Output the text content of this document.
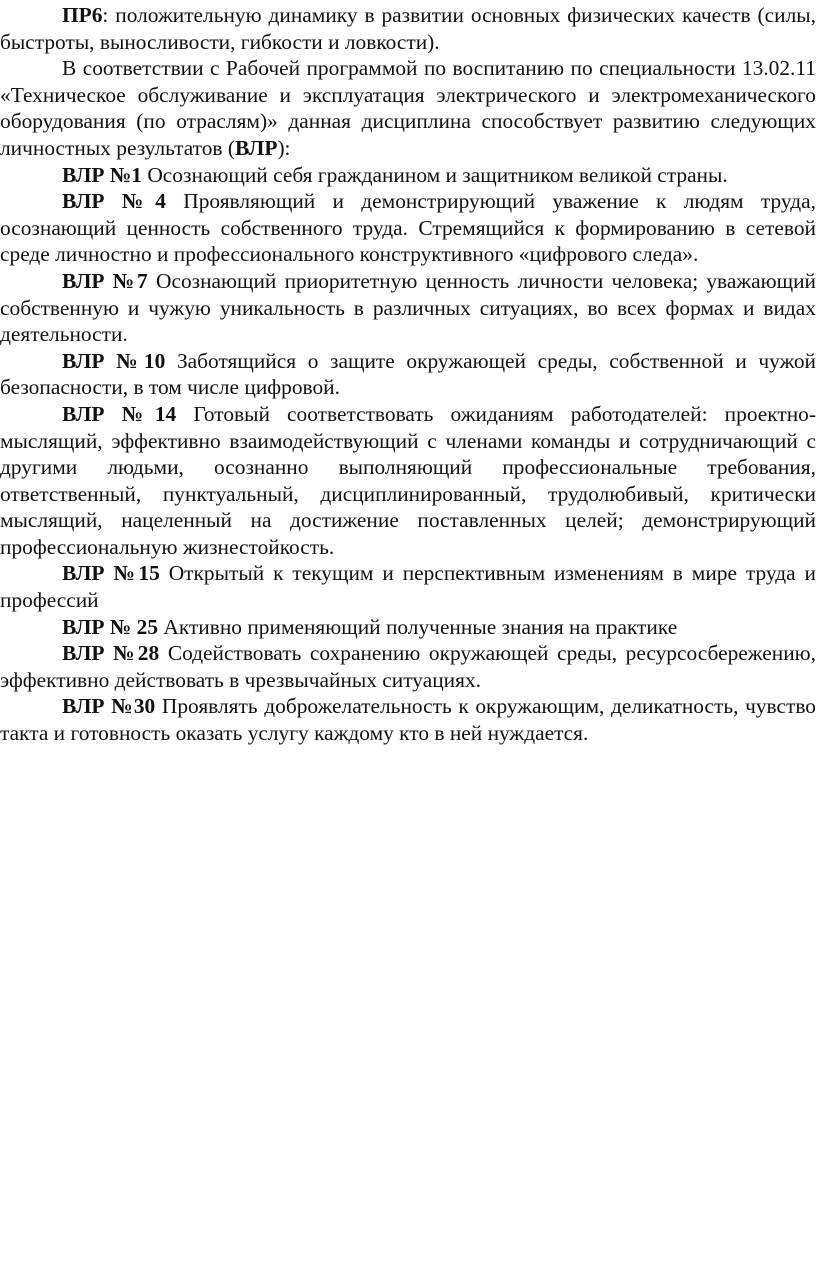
ПР6: положительную динамику в развитии основных физических качеств (силы, быстроты, выносливости, гибкости и ловкости).

В соответствии с Рабочей программой по воспитанию по специальности 13.02.11 «Техническое обслуживание и эксплуатация электрического и электромеханического оборудования (по отраслям)» данная дисциплина способствует развитию следующих личностных результатов (ВЛР):

ВЛР №1 Осознающий себя гражданином и защитником великой страны.

ВЛР №4 Проявляющий и демонстрирующий уважение к людям труда, осознающий ценность собственного труда. Стремящийся к формированию в сетевой среде личностно и профессионального конструктивного «цифрового следа».

ВЛР №7 Осознающий приоритетную ценность личности человека; уважающий собственную и чужую уникальность в различных ситуациях, во всех формах и видах деятельности.

ВЛР №10 Заботящийся о защите окружающей среды, собственной и чужой безопасности, в том числе цифровой.

ВЛР №14 Готовый соответствовать ожиданиям работодателей: проектно-мыслящий, эффективно взаимодействующий с членами команды и сотрудничающий с другими людьми, осознанно выполняющий профессиональные требования, ответственный, пунктуальный, дисциплинированный, трудолюбивый, критически мыслящий, нацеленный на достижение поставленных целей; демонстрирующий профессиональную жизнестойкость.

ВЛР №15 Открытый к текущим и перспективным изменениям в мире труда и профессий

ВЛР № 25 Активно применяющий полученные знания на практике

ВЛР №28 Содействовать сохранению окружающей среды, ресурсосбережению, эффективно действовать в чрезвычайных ситуациях.

ВЛР №30 Проявлять доброжелательность к окружающим, деликатность, чувство такта и готовность оказать услугу каждому кто в ней нуждается.
